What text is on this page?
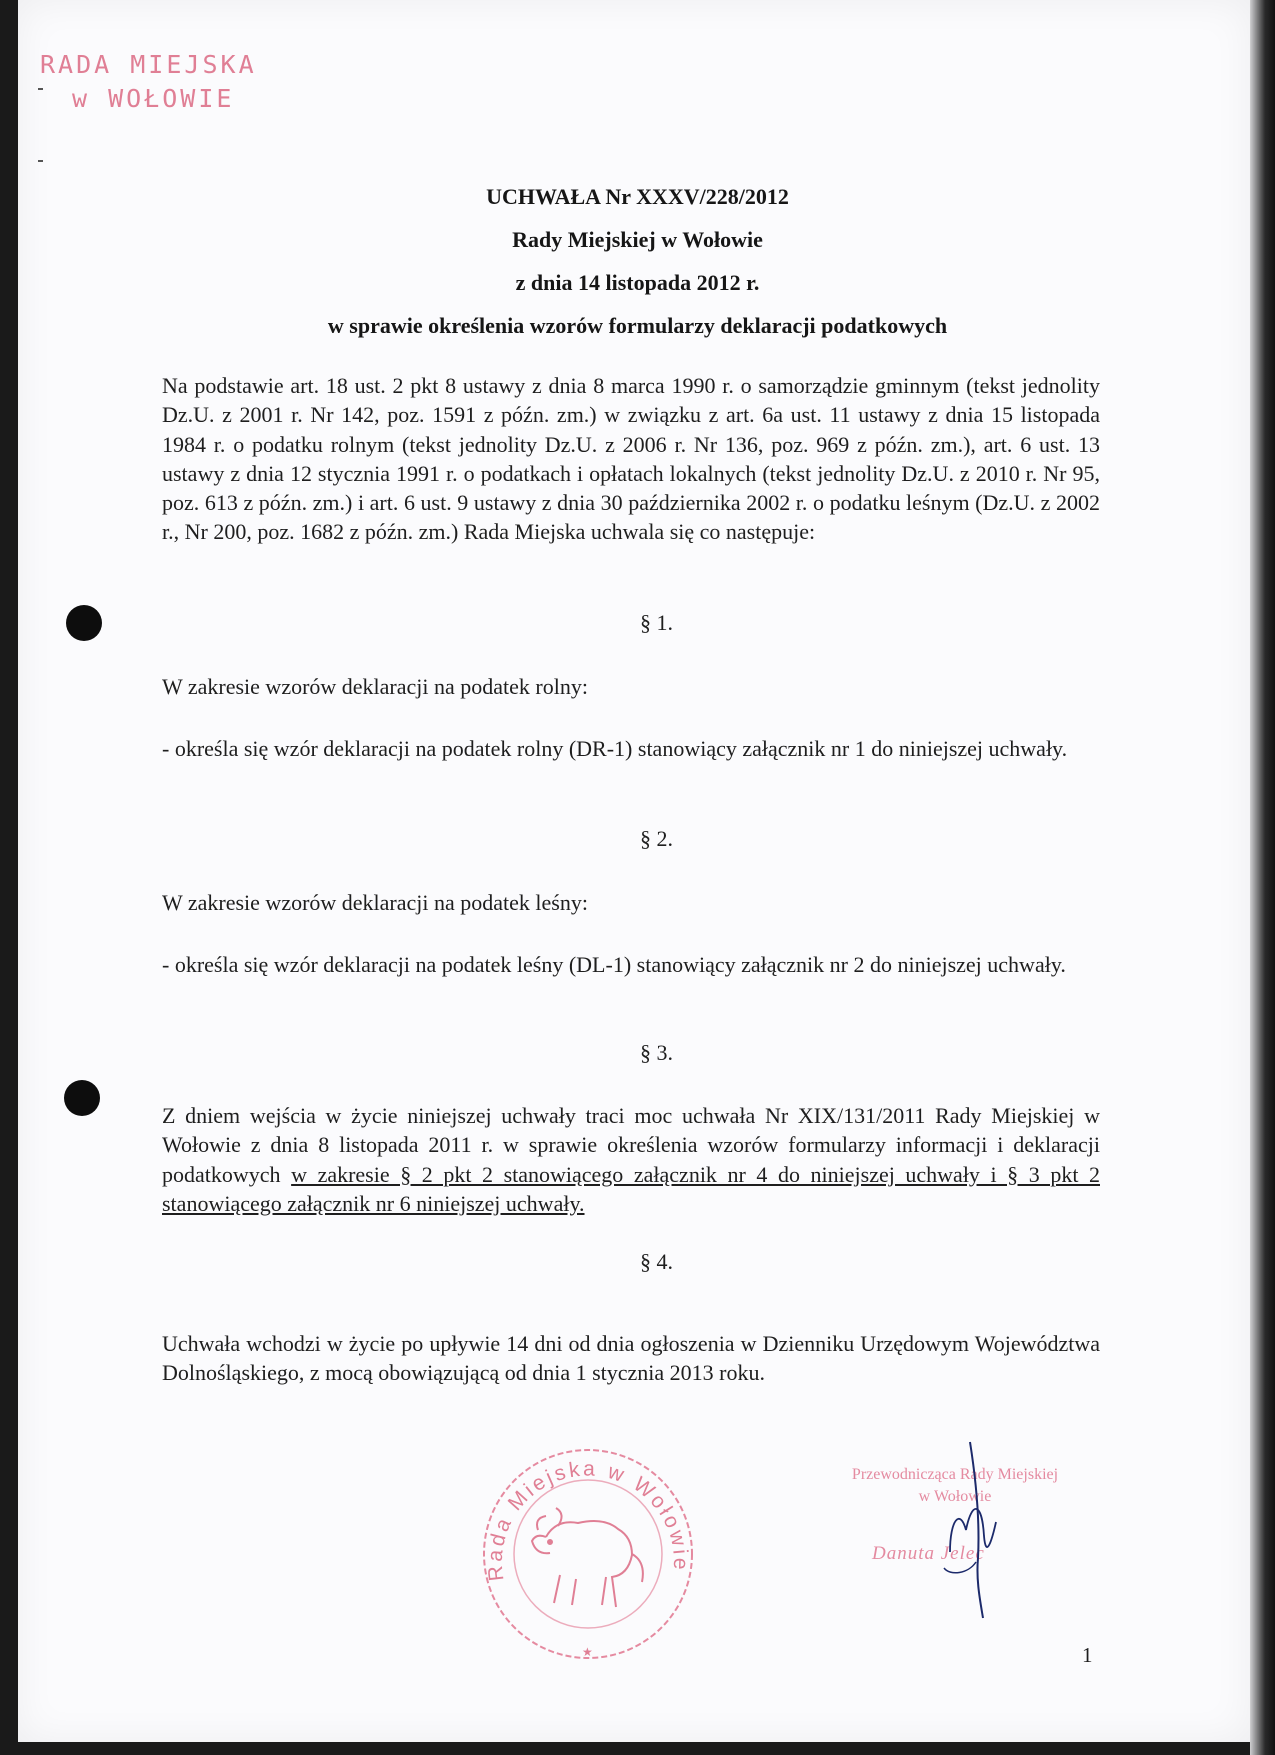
RADA MIEJSKA
w WOŁOWIE
UCHWAŁA Nr XXXV/228/2012
Rady Miejskiej w Wołowie
z dnia 14 listopada 2012 r.
w sprawie określenia wzorów formularzy deklaracji podatkowych
Na podstawie art. 18 ust. 2 pkt 8 ustawy z dnia 8 marca 1990 r. o samorządzie gminnym (tekst jednolity Dz.U. z 2001 r. Nr 142, poz. 1591 z późn. zm.) w związku z art. 6a ust. 11 ustawy z dnia 15 listopada 1984 r. o podatku rolnym (tekst jednolity Dz.U. z 2006 r. Nr 136, poz. 969 z późn. zm.), art. 6 ust. 13 ustawy z dnia 12 stycznia 1991 r. o podatkach i opłatach lokalnych (tekst jednolity Dz.U. z 2010 r. Nr 95, poz. 613 z późn. zm.) i art. 6 ust. 9 ustawy z dnia 30 października 2002 r. o podatku leśnym (Dz.U. z 2002 r., Nr 200, poz. 1682 z późn. zm.) Rada Miejska uchwala się co następuje:
§ 1.
W zakresie wzorów deklaracji na podatek rolny:
- określa się wzór deklaracji na podatek rolny (DR-1) stanowiący załącznik nr 1 do niniejszej uchwały.
§ 2.
W zakresie wzorów deklaracji na podatek leśny:
- określa się wzór deklaracji na podatek leśny (DL-1) stanowiący załącznik nr 2 do niniejszej uchwały.
§ 3.
Z dniem wejścia w życie niniejszej uchwały traci moc uchwała Nr XIX/131/2011 Rady Miejskiej w Wołowie z dnia 8 listopada 2011 r. w sprawie określenia wzorów formularzy informacji i deklaracji podatkowych w zakresie § 2 pkt 2 stanowiącego załącznik nr 4 do niniejszej uchwały i § 3 pkt 2 stanowiącego załącznik nr 6 niniejszej uchwały.
§ 4.
Uchwała wchodzi w życie po upływie 14 dni od dnia ogłoszenia w Dzienniku Urzędowym Województwa Dolnośląskiego, z mocą obowiązującą od dnia 1 stycznia 2013 roku.
Rada Miejska w Wołowie
★
Przewodnicząca Rady Miejskiej
w Wołowie
Danuta Jelec
1
